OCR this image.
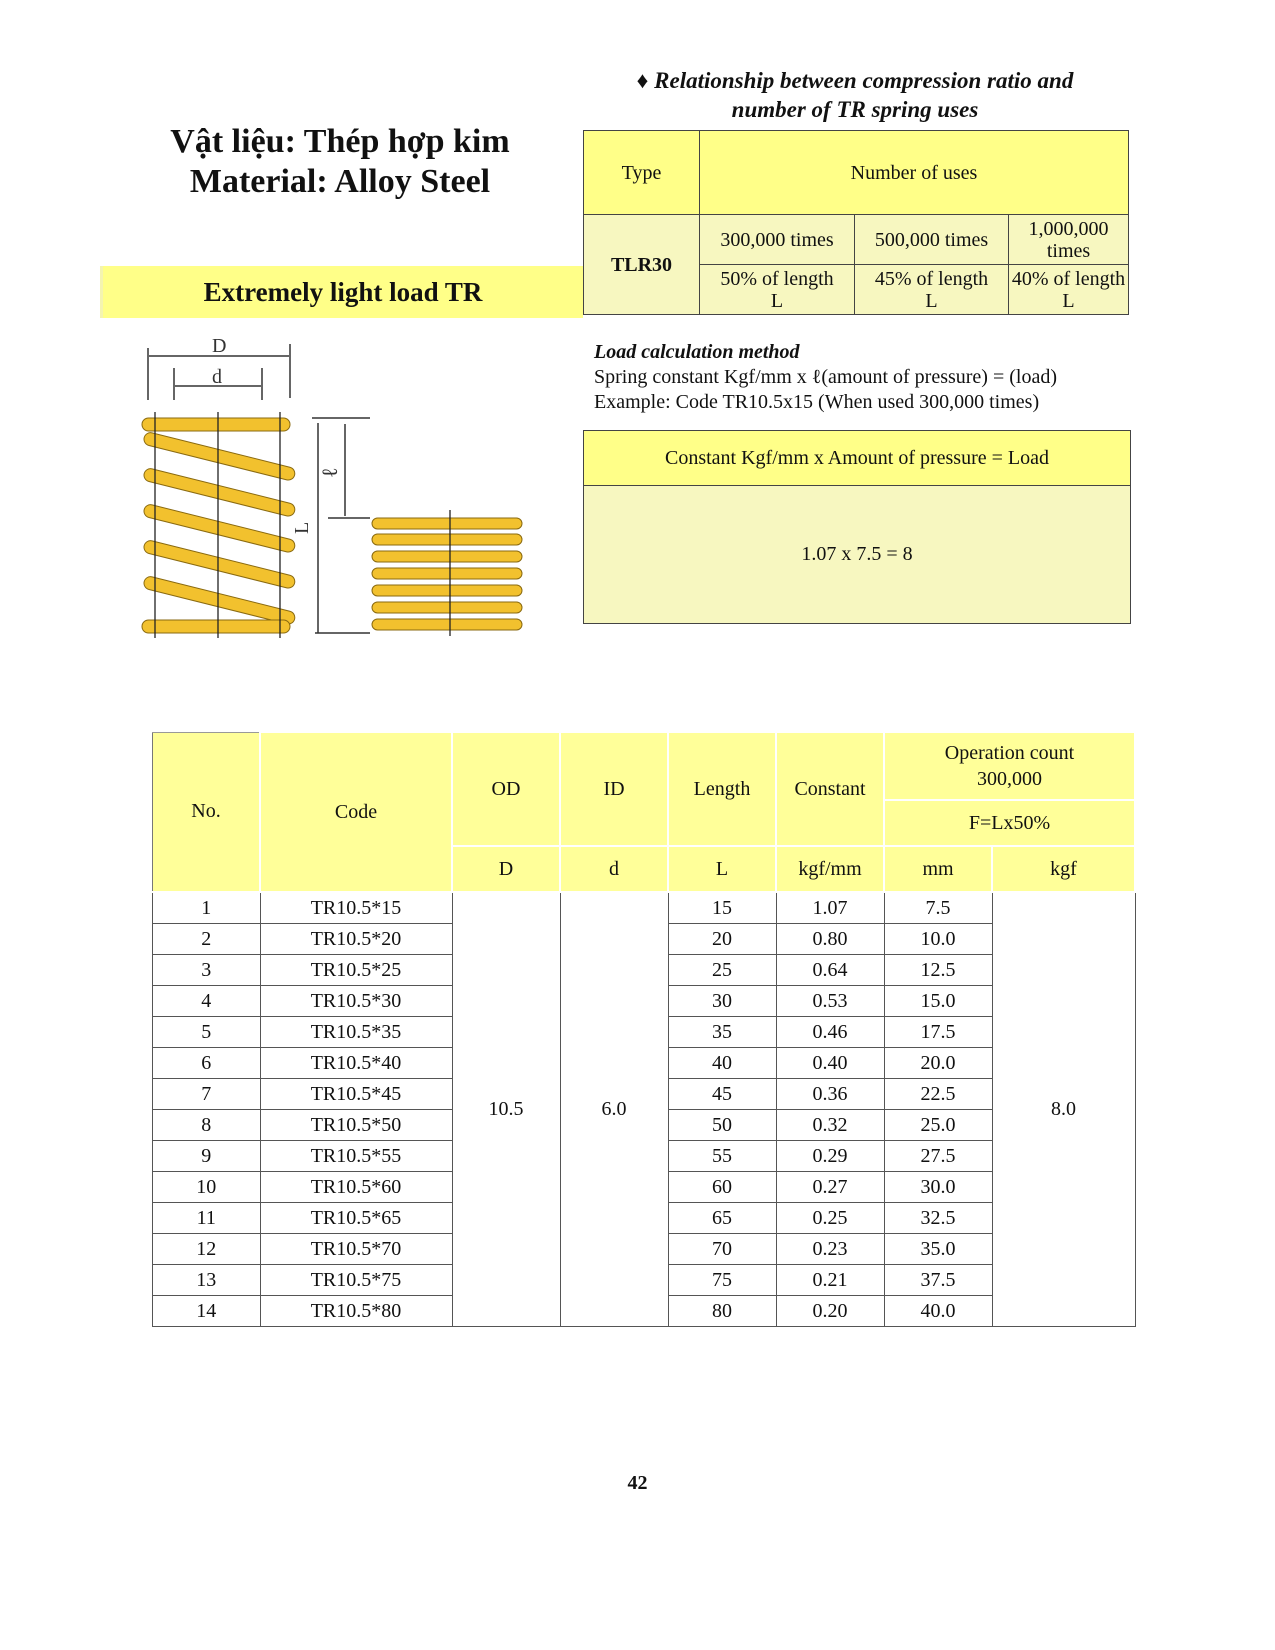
Vật liệu: Thép hợp kim
Material: Alloy Steel
Extremely light load TR
D
d
L
ℓ
♦ Relationship between compression ratio and
number of TR spring uses
Type	Number of uses		
TLR30	300,000 times	500,000 times	1,000,000 times
	50% of length L	45% of length L	40% of length L
Load calculation method
Spring constant Kgf/mm x ℓ(amount of pressure) = (load)
Example: Code TR10.5x15 (When used 300,000 times)
Constant Kgf/mm x Amount of pressure = Load
1.07 x 7.5 = 8
No.	Code	OD	ID	Length	Constant	Operation count
300,000	

						F=Lx50%	
		D	d	L	kgf/mm	mm	kgf
1	TR10.5*15	10.5	6.0	15	1.07	7.5	8.0
2	TR10.5*20			20	0.80	10.0	
3	TR10.5*25			25	0.64	12.5	
4	TR10.5*30			30	0.53	15.0	
5	TR10.5*35			35	0.46	17.5	
6	TR10.5*40			40	0.40	20.0	
7	TR10.5*45			45	0.36	22.5	
8	TR10.5*50			50	0.32	25.0	
9	TR10.5*55			55	0.29	27.5	
10	TR10.5*60			60	0.27	30.0	
11	TR10.5*65			65	0.25	32.5	
12	TR10.5*70			70	0.23	35.0	
13	TR10.5*75			75	0.21	37.5	
14	TR10.5*80			80	0.20	40.0	
42
